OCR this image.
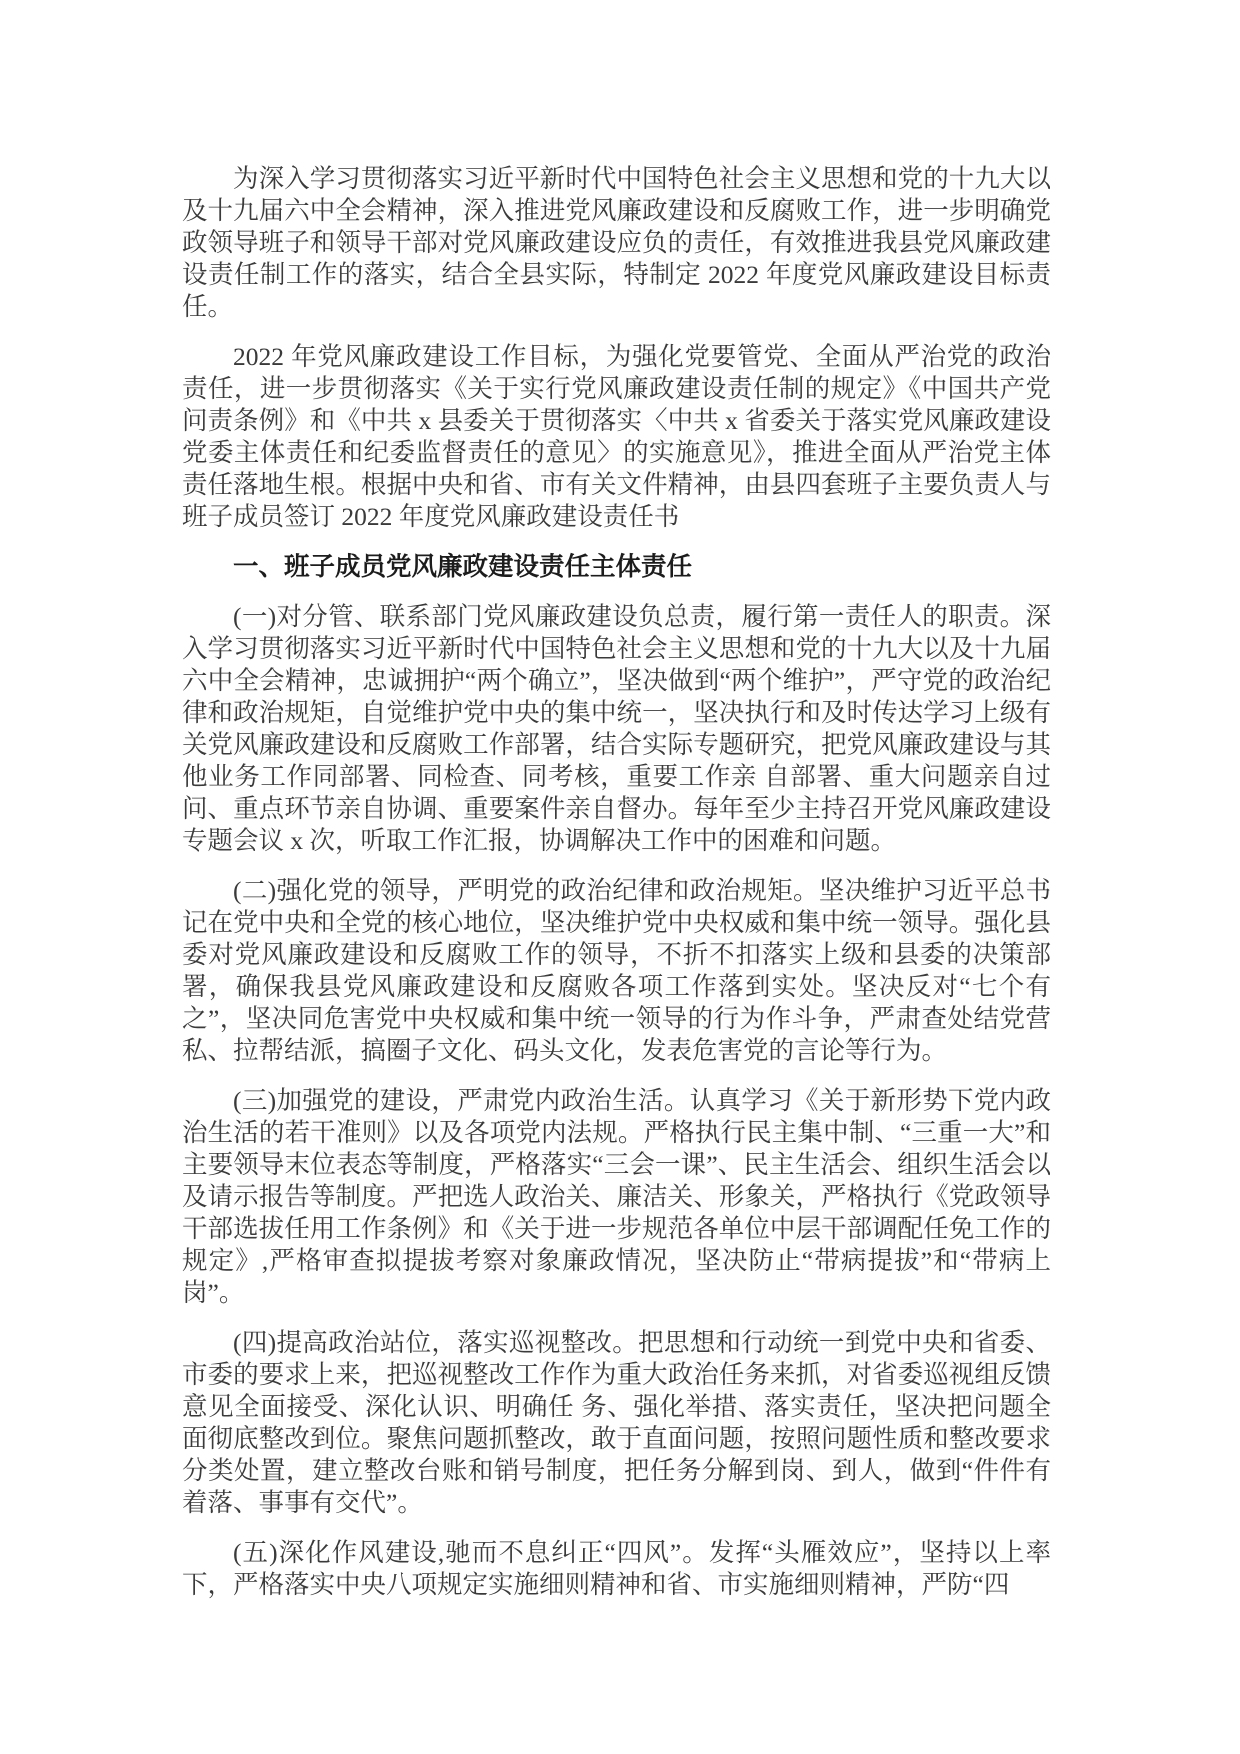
为深入学习贯彻落实习近平新时代中国特色社会主义思想和党的十九大以及十九届六中全会精神，深入推进党风廉政建设和反腐败工作，进一步明确党政领导班子和领导干部对党风廉政建设应负的责任，有效推进我县党风廉政建设责任制工作的落实，结合全县实际，特制定 2022 年度党风廉政建设目标责任。

2022 年党风廉政建设工作目标，为强化党要管党、全面从严治党的政治责任，进一步贯彻落实《关于实行党风廉政建设责任制的规定》《中国共产党问责条例》和《中共 x 县委关于贯彻落实〈中共 x 省委关于落实党风廉政建设党委主体责任和纪委监督责任的意见〉的实施意见》，推进全面从严治党主体责任落地生根。根据中央和省、市有关文件精神，由县四套班子主要负责人与班子成员签订 2022 年度党风廉政建设责任书

一、班子成员党风廉政建设责任主体责任

(一)对分管、联系部门党风廉政建设负总责，履行第一责任人的职责。深入学习贯彻落实习近平新时代中国特色社会主义思想和党的十九大以及十九届六中全会精神，忠诚拥护“两个确立”，坚决做到“两个维护”，严守党的政治纪律和政治规矩，自觉维护党中央的集中统一，坚决执行和及时传达学习上级有关党风廉政建设和反腐败工作部署，结合实际专题研究，把党风廉政建设与其他业务工作同部署、同检查、同考核，重要工作亲 自部署、重大问题亲自过问、重点环节亲自协调、重要案件亲自督办。每年至少主持召开党风廉政建设专题会议 x 次，听取工作汇报，协调解决工作中的困难和问题。

(二)强化党的领导，严明党的政治纪律和政治规矩。坚决维护习近平总书记在党中央和全党的核心地位，坚决维护党中央权威和集中统一领导。强化县委对党风廉政建设和反腐败工作的领导，不折不扣落实上级和县委的决策部署，确保我县党风廉政建设和反腐败各项工作落到实处。坚决反对“七个有之”，坚决同危害党中央权威和集中统一领导的行为作斗争，严肃查处结党营私、拉帮结派，搞圈子文化、码头文化，发表危害党的言论等行为。

(三)加强党的建设，严肃党内政治生活。认真学习《关于新形势下党内政治生活的若干准则》以及各项党内法规。严格执行民主集中制、“三重一大”和主要领导末位表态等制度，严格落实“三会一课”、民主生活会、组织生活会以及请示报告等制度。严把选人政治关、廉洁关、形象关，严格执行《党政领导干部选拔任用工作条例》和《关于进一步规范各单位中层干部调配任免工作的规定》,严格审查拟提拔考察对象廉政情况，坚决防止“带病提拔”和“带病上岗”。

(四)提高政治站位，落实巡视整改。把思想和行动统一到党中央和省委、市委的要求上来，把巡视整改工作作为重大政治任务来抓，对省委巡视组反馈意见全面接受、深化认识、明确任 务、强化举措、落实责任，坚决把问题全面彻底整改到位。聚焦问题抓整改，敢于直面问题，按照问题性质和整改要求分类处置，建立整改台账和销号制度，把任务分解到岗、到人，做到“件件有着落、事事有交代”。

(五)深化作风建设,驰而不息纠正“四风”。发挥“头雁效应”，坚持以上率下，严格落实中央八项规定实施细则精神和省、市实施细则精神，严防“四
